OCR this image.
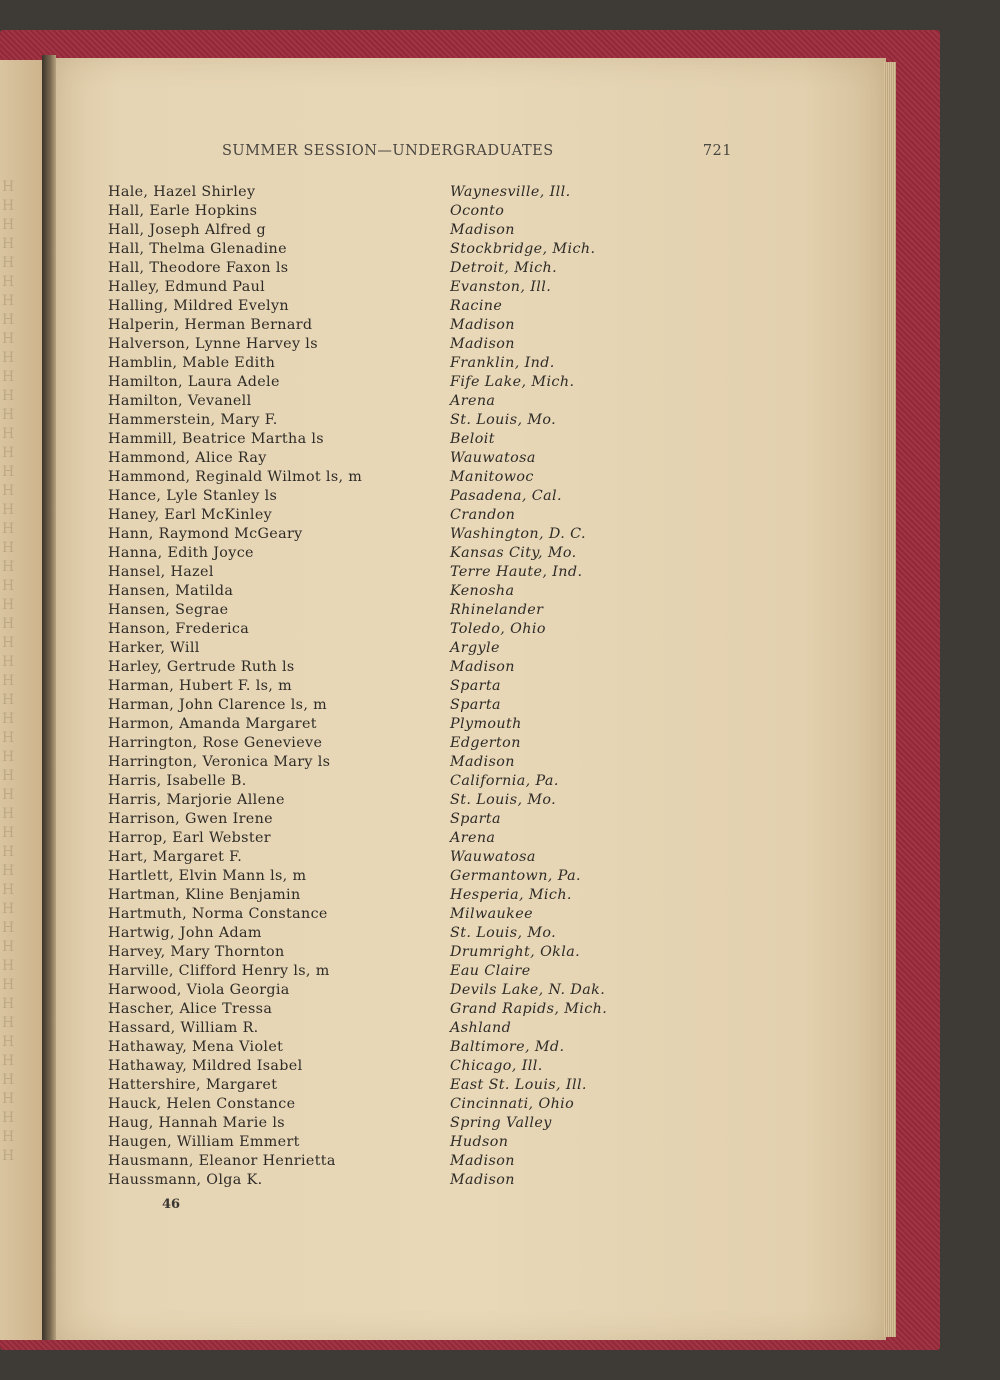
H
H
H
H
H
H
H
H
H
H
H
H
H
H
H
H
H
H
H
H
H
H
H
H
H
H
H
H
H
H
H
H
H
H
H
H
H
H
H
H
H
H
H
H
H
H
H
H
H
H
H
H
SUMMER SESSION—UNDERGRADUATES	721
Hale, Hazel Shirley	Waynesville, Ill.
Hall, Earle Hopkins	Oconto
Hall, Joseph Alfred g	Madison
Hall, Thelma Glenadine	Stockbridge, Mich.
Hall, Theodore Faxon ls	Detroit, Mich.
Halley, Edmund Paul	Evanston, Ill.
Halling, Mildred Evelyn	Racine
Halperin, Herman Bernard	Madison
Halverson, Lynne Harvey ls	Madison
Hamblin, Mable Edith	Franklin, Ind.
Hamilton, Laura Adele	Fife Lake, Mich.
Hamilton, Vevanell	Arena
Hammerstein, Mary F.	St. Louis, Mo.
Hammill, Beatrice Martha ls	Beloit
Hammond, Alice Ray	Wauwatosa
Hammond, Reginald Wilmot ls, m	Manitowoc
Hance, Lyle Stanley ls	Pasadena, Cal.
Haney, Earl McKinley	Crandon
Hann, Raymond McGeary	Washington, D. C.
Hanna, Edith Joyce	Kansas City, Mo.
Hansel, Hazel	Terre Haute, Ind.
Hansen, Matilda	Kenosha
Hansen, Segrae	Rhinelander
Hanson, Frederica	Toledo, Ohio
Harker, Will	Argyle
Harley, Gertrude Ruth ls	Madison
Harman, Hubert F. ls, m	Sparta
Harman, John Clarence ls, m	Sparta
Harmon, Amanda Margaret	Plymouth
Harrington, Rose Genevieve	Edgerton
Harrington, Veronica Mary ls	Madison
Harris, Isabelle B.	California, Pa.
Harris, Marjorie Allene	St. Louis, Mo.
Harrison, Gwen Irene	Sparta
Harrop, Earl Webster	Arena
Hart, Margaret F.	Wauwatosa
Hartlett, Elvin Mann ls, m	Germantown, Pa.
Hartman, Kline Benjamin	Hesperia, Mich.
Hartmuth, Norma Constance	Milwaukee
Hartwig, John Adam	St. Louis, Mo.
Harvey, Mary Thornton	Drumright, Okla.
Harville, Clifford Henry ls, m	Eau Claire
Harwood, Viola Georgia	Devils Lake, N. Dak.
Hascher, Alice Tressa	Grand Rapids, Mich.
Hassard, William R.	Ashland
Hathaway, Mena Violet	Baltimore, Md.
Hathaway, Mildred Isabel	Chicago, Ill.
Hattershire, Margaret	East St. Louis, Ill.
Hauck, Helen Constance	Cincinnati, Ohio
Haug, Hannah Marie ls	Spring Valley
Haugen, William Emmert	Hudson
Hausmann, Eleanor Henrietta	Madison
Haussmann, Olga K.	Madison
46
